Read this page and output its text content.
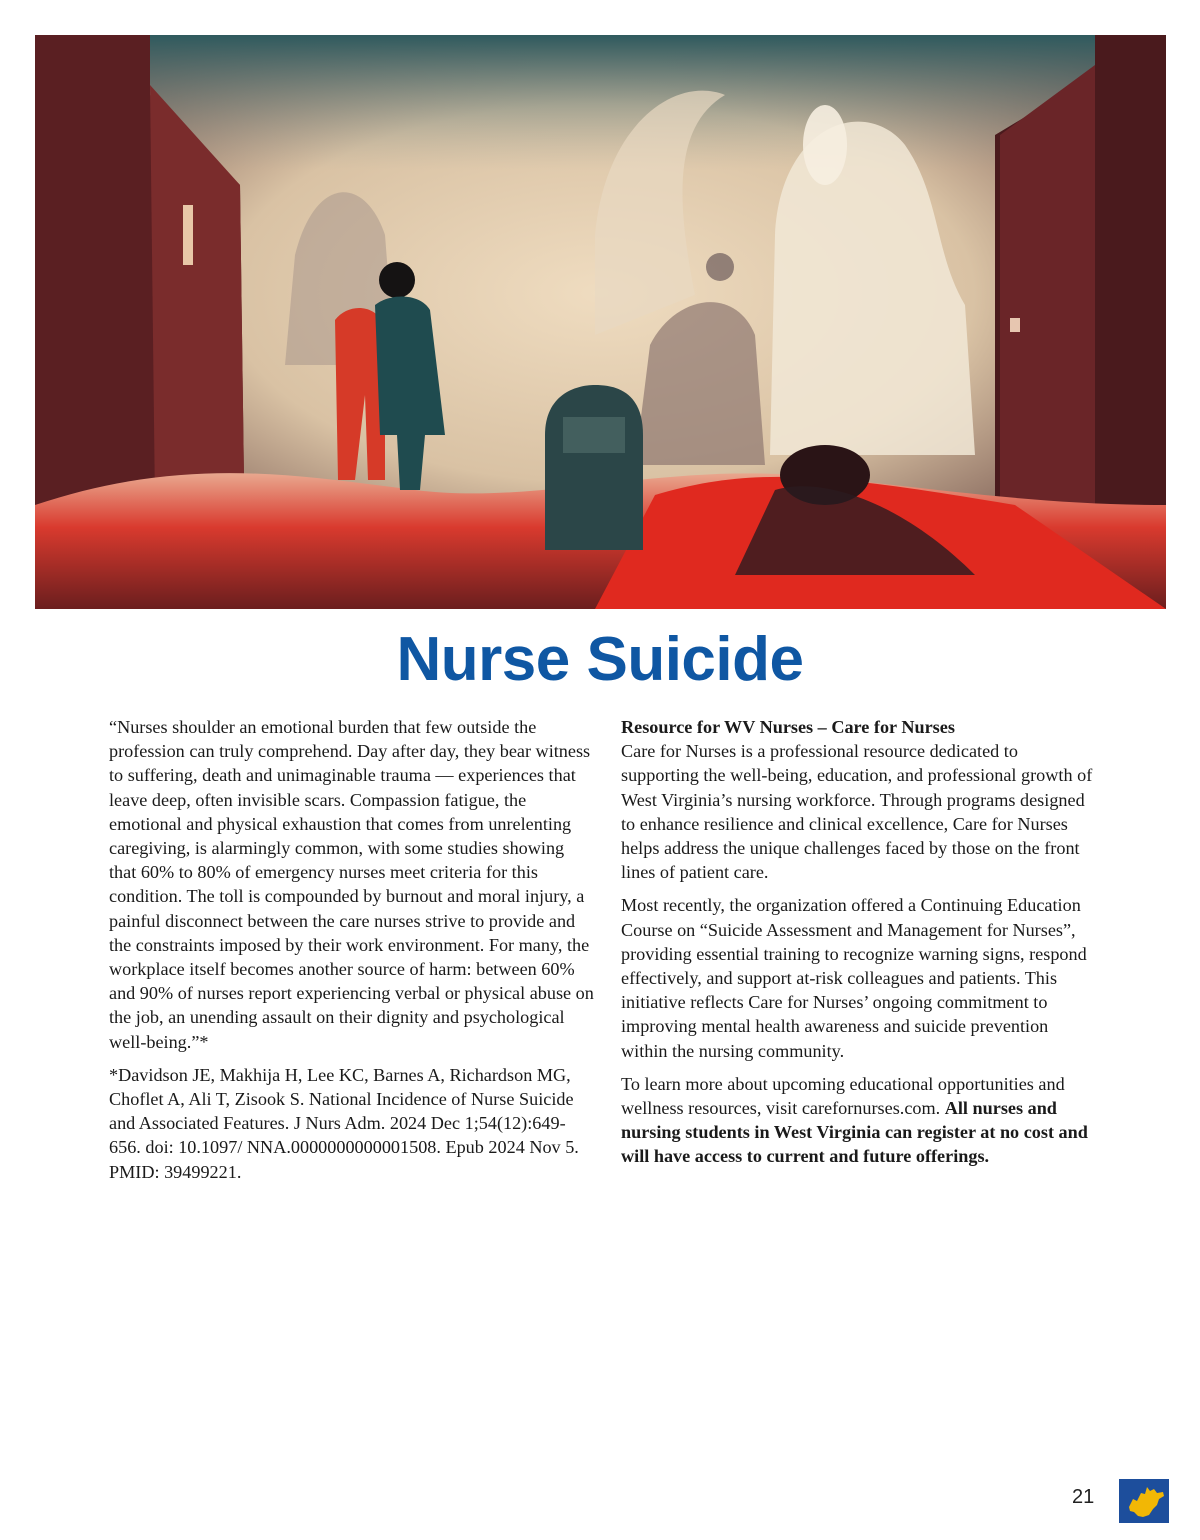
Nurse Suicide

“Nurses shoulder an emotional burden that few outside the profession can truly comprehend. Day after day, they bear witness to suffering, death and unimaginable trauma — experiences that leave deep, often invisible scars. Compassion fatigue, the emotional and physical exhaustion that comes from unrelenting caregiving, is alarmingly common, with some studies showing that 60% to 80% of emergency nurses meet criteria for this condition. The toll is compounded by burnout and moral injury, a painful disconnect between the care nurses strive to provide and the constraints imposed by their work environment. For many, the workplace itself becomes another source of harm: between 60% and 90% of nurses report experiencing verbal or physical abuse on the job, an unending assault on their dignity and psychological well-being.”*

*Davidson JE, Makhija H, Lee KC, Barnes A, Richardson MG, Choflet A, Ali T, Zisook S. National Incidence of Nurse Suicide and Associated Features. J Nurs Adm. 2024 Dec 1;54(12):649-656. doi: 10.1097/ NNA.0000000000001508. Epub 2024 Nov 5. PMID: 39499221.

Resource for WV Nurses – Care for Nurses

Care for Nurses is a professional resource dedicated to supporting the well-being, education, and professional growth of West Virginia’s nursing workforce. Through programs designed to enhance resilience and clinical excellence, Care for Nurses helps address the unique challenges faced by those on the front lines of patient care.

Most recently, the organization offered a Continuing Education Course on “Suicide Assessment and Management for Nurses”, providing essential training to recognize warning signs, respond effectively, and support at-risk colleagues and patients. This initiative reflects Care for Nurses’ ongoing commitment to improving mental health awareness and suicide prevention within the nursing community.

To learn more about upcoming educational opportunities and wellness resources, visit carefornurses.com. All nurses and nursing students in West Virginia can register at no cost and will have access to current and future offerings.

21
